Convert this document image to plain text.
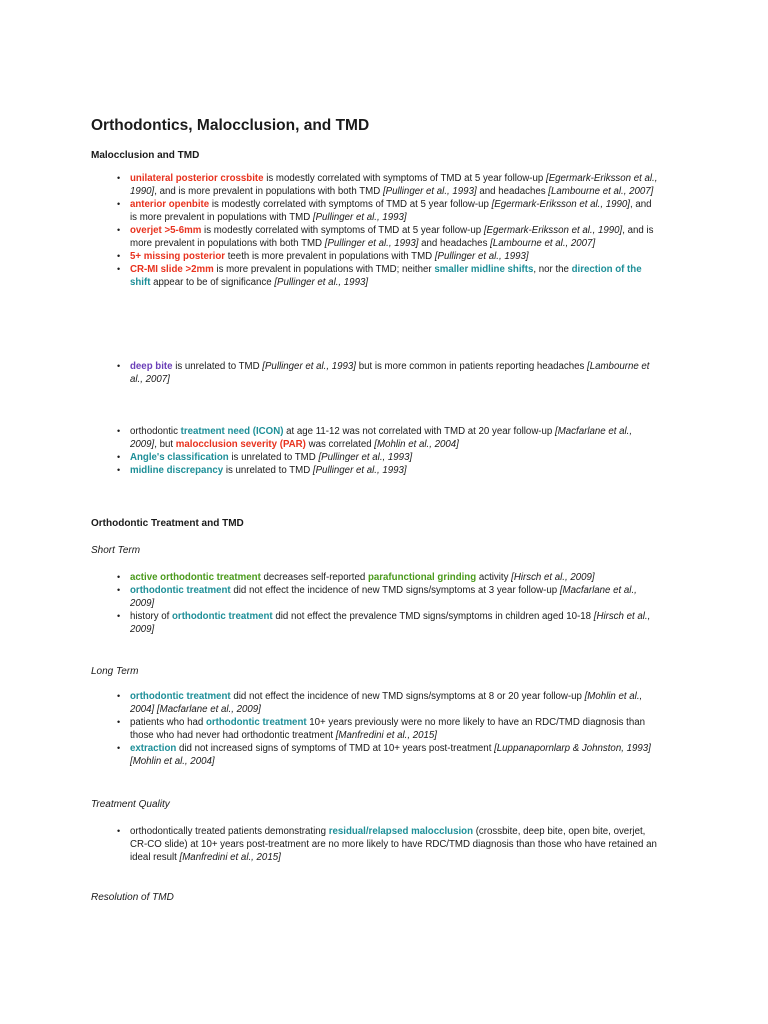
Orthodontics, Malocclusion, and TMD
Malocclusion and TMD
• unilateral posterior crossbite is modestly correlated with symptoms of TMD at 5 year follow-up [Egermark-Eriksson et al., 1990], and is more prevalent in populations with both TMD [Pullinger et al., 1993] and headaches [Lambourne et al., 2007]
• anterior openbite is modestly correlated with symptoms of TMD at 5 year follow-up [Egermark-Eriksson et al., 1990], and is more prevalent in populations with TMD [Pullinger et al., 1993]
• overjet >5-6mm is modestly correlated with symptoms of TMD at 5 year follow-up [Egermark-Eriksson et al., 1990], and is more prevalent in populations with both TMD [Pullinger et al., 1993] and headaches [Lambourne et al., 2007]
• 5+ missing posterior teeth is more prevalent in populations with TMD [Pullinger et al., 1993]
• CR-MI slide >2mm is more prevalent in populations with TMD; neither smaller midline shifts, nor the direction of the shift appear to be of significance [Pullinger et al., 1993]
• deep bite is unrelated to TMD [Pullinger et al., 1993] but is more common in patients reporting headaches [Lambourne et al., 2007]
• orthodontic treatment need (ICON) at age 11-12 was not correlated with TMD at 20 year follow-up [Macfarlane et al., 2009], but malocclusion severity (PAR) was correlated [Mohlin et al., 2004]
• Angle's classification is unrelated to TMD [Pullinger et al., 1993]
• midline discrepancy is unrelated to TMD [Pullinger et al., 1993]
Orthodontic Treatment and TMD

Short Term

• active orthodontic treatment decreases self-reported parafunctional grinding activity [Hirsch et al., 2009]
• orthodontic treatment did not effect the incidence of new TMD signs/symptoms at 3 year follow-up [Macfarlane et al., 2009]
• history of orthodontic treatment did not effect the prevalence TMD signs/symptoms in children aged 10-18 [Hirsch et al., 2009]

Long Term

• orthodontic treatment did not effect the incidence of new TMD signs/symptoms at 8 or 20 year follow-up [Mohlin et al., 2004] [Macfarlane et al., 2009]
• patients who had orthodontic treatment 10+ years previously were no more likely to have an RDC/TMD diagnosis than those who had never had orthodontic treatment [Manfredini et al., 2015]
• extraction did not increased signs of symptoms of TMD at 10+ years post-treatment [Luppanapornlarp & Johnston, 1993] [Mohlin et al., 2004]

Treatment Quality

• orthodontically treated patients demonstrating residual/relapsed malocclusion (crossbite, deep bite, open bite, overjet, CR-CO slide) at 10+ years post-treatment are no more likely to have RDC/TMD diagnosis than those who have retained an ideal result [Manfredini et al., 2015]

Resolution of TMD
